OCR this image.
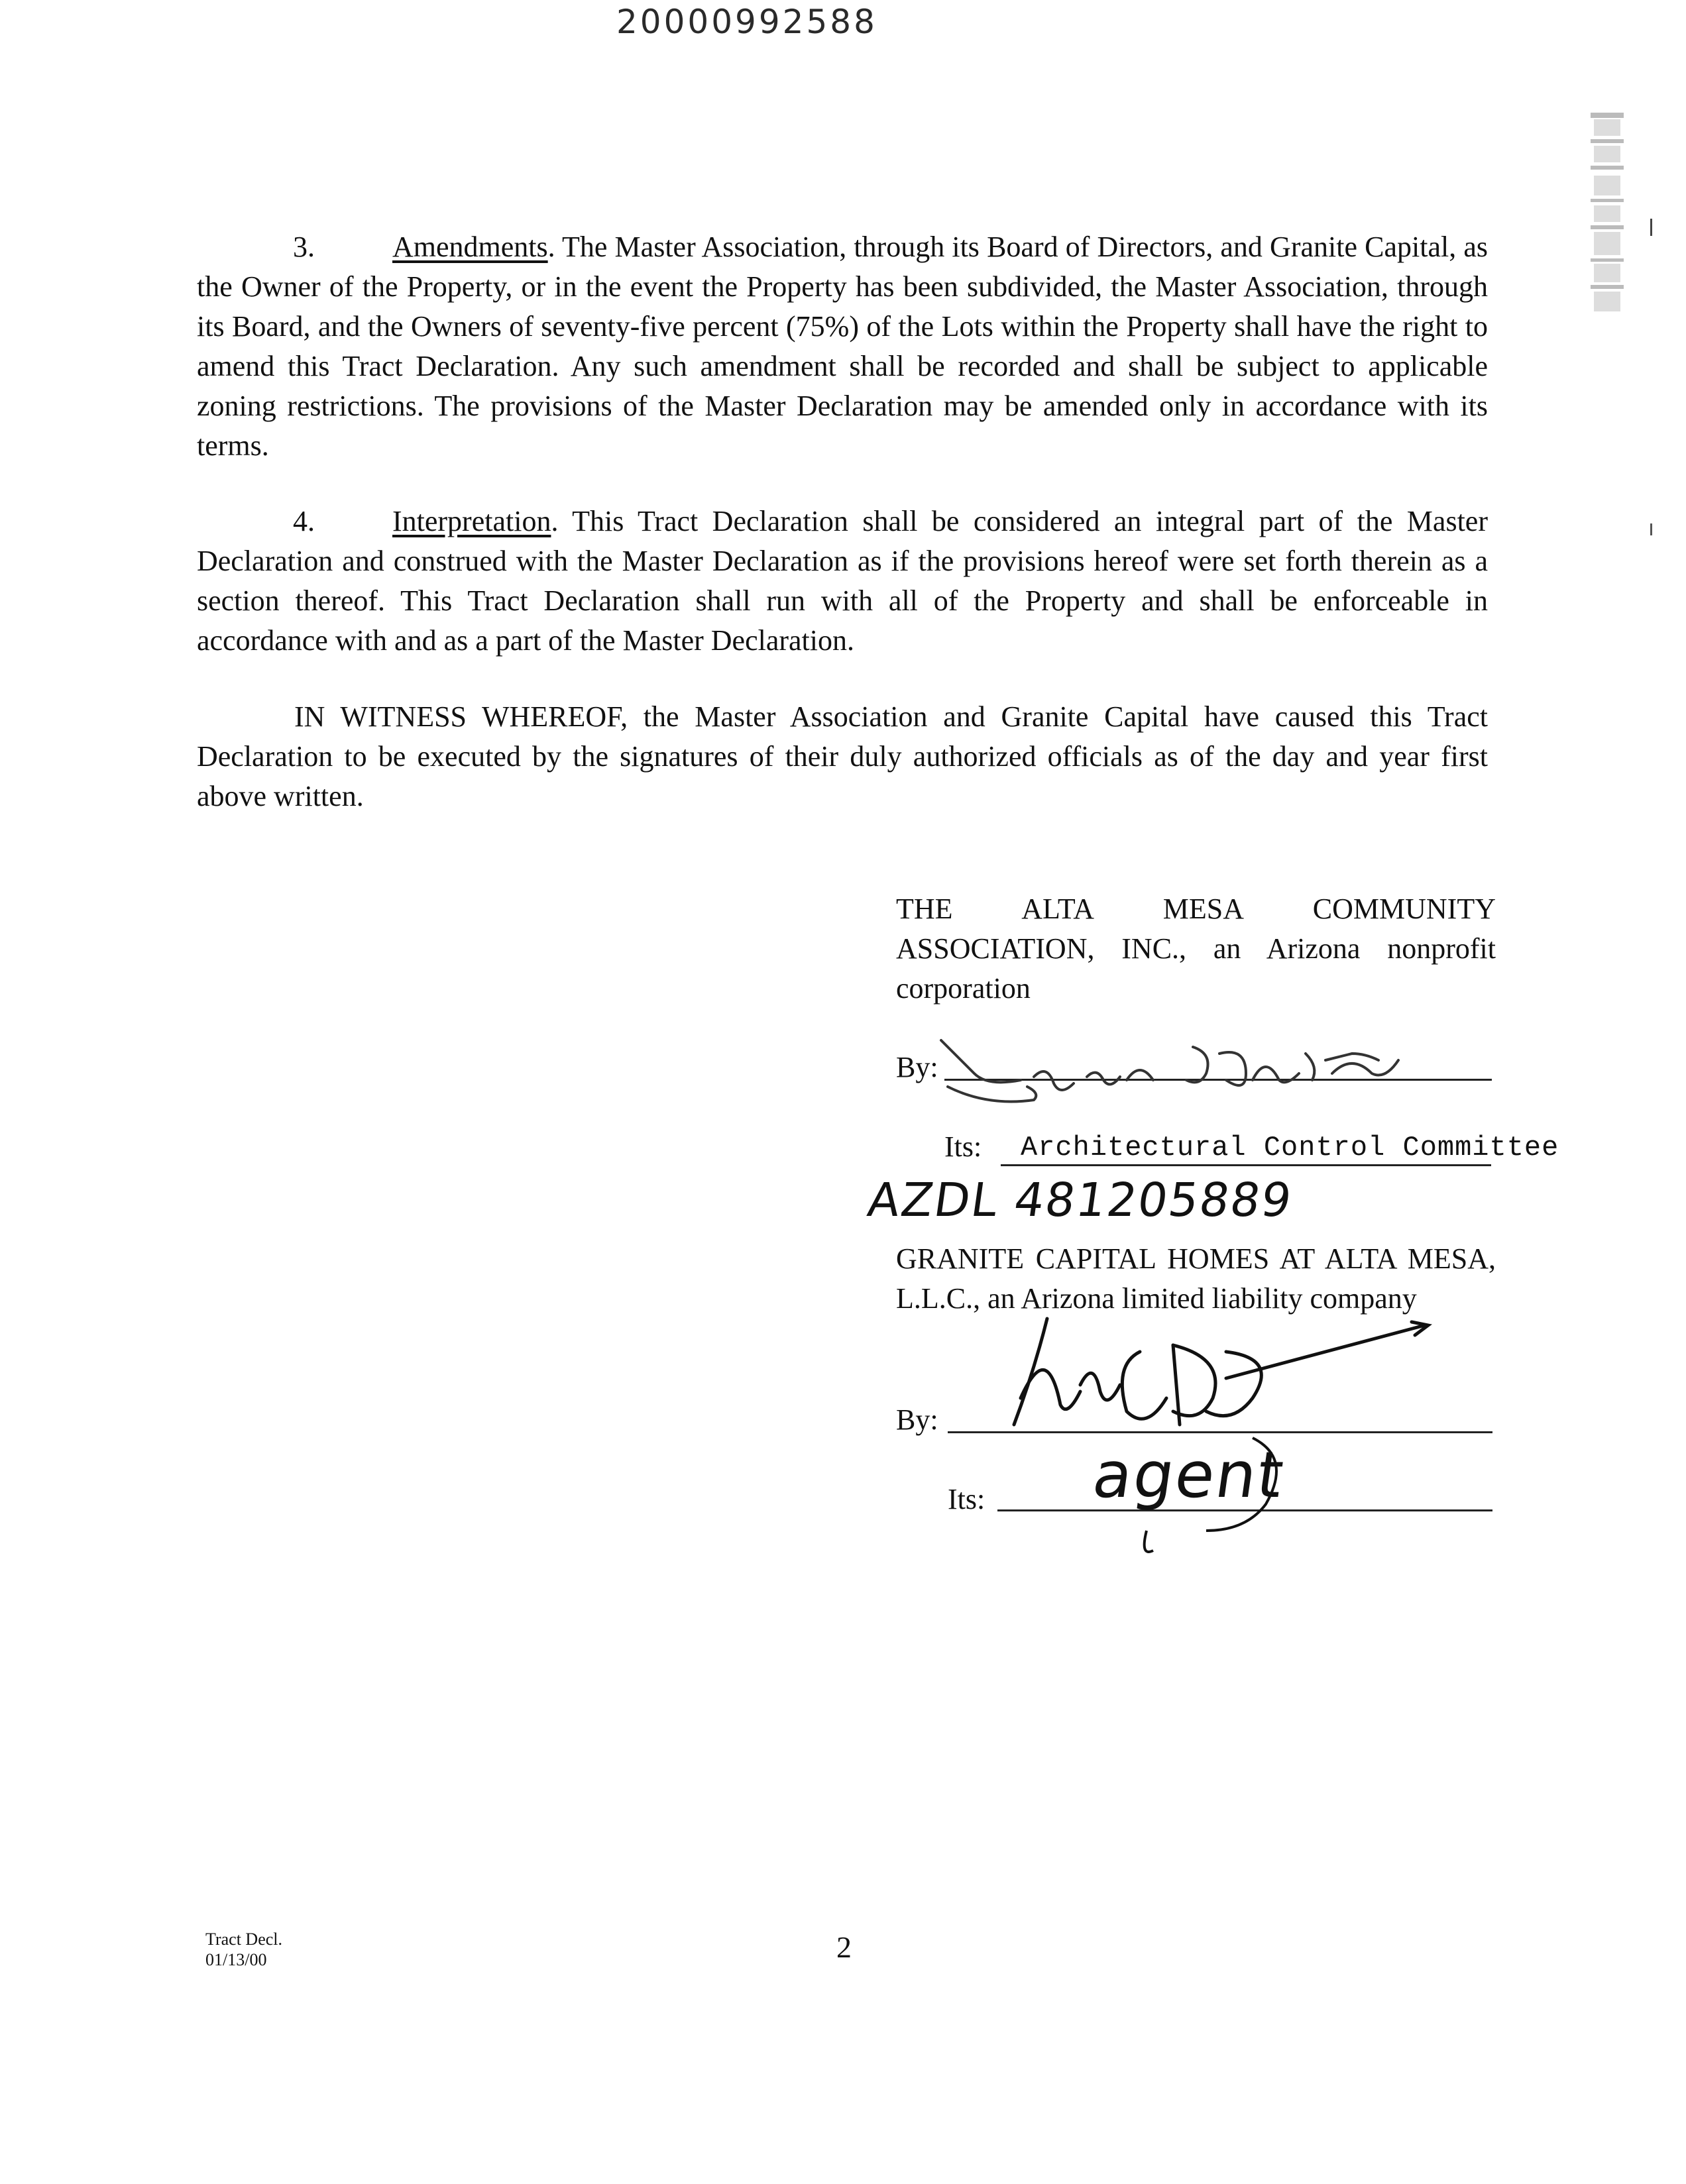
20000992588
3.	Amendments. The Master Association, through its Board of Directors, and Granite Capital, as the Owner of the Property, or in the event the Property has been subdivided, the Master Association, through its Board, and the Owners of seventy-five percent (75%) of the Lots within the Property shall have the right to amend this Tract Declaration. Any such amendment shall be recorded and shall be subject to applicable zoning restrictions. The provisions of the Master Declaration may be amended only in accordance with its terms.
4.	Interpretation. This Tract Declaration shall be considered an integral part of the Master Declaration and construed with the Master Declaration as if the provisions hereof were set forth therein as a section thereof. This Tract Declaration shall run with all of the Property and shall be enforceable in accordance with and as a part of the Master Declaration.
IN WITNESS WHEREOF, the Master Association and Granite Capital have caused this Tract Declaration to be executed by the signatures of their duly authorized officials as of the day and year first above written.
THE ALTA MESA COMMUNITY ASSOCIATION, INC., an Arizona nonprofit corporation
By:
Its: Architectural Control Committee
AZDL 481205889
GRANITE CAPITAL HOMES AT ALTA MESA, L.L.C., an Arizona limited liability company
By:
Its: agent
Tract Decl.
01/13/00	2
